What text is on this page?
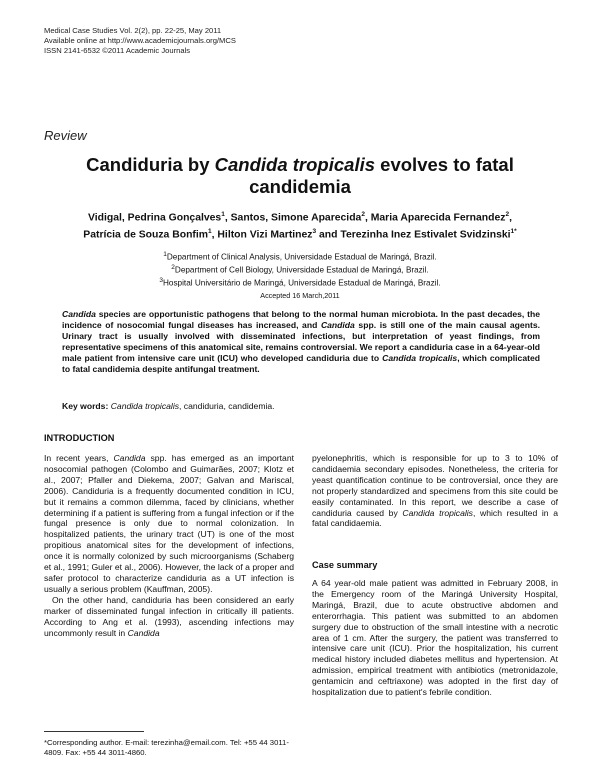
Medical Case Studies Vol. 2(2), pp. 22-25, May 2011
Available online at http://www.academicjournals.org/MCS
ISSN 2141-6532 ©2011 Academic Journals
Review
Candiduria by Candida tropicalis evolves to fatal candidemia
Vidigal, Pedrina Gonçalves$^1$, Santos, Simone Aparecida$^2$, Maria Aparecida Fernandez$^2$,
Patrícia de Souza Bonfim$^1$, Hilton Vizi Martinez$^3$ and Terezinha Inez Estivalet Svidzinski$^{1*}$
$^1$Department of Clinical Analysis, Universidade Estadual de Maringá, Brazil.
$^2$Department of Cell Biology, Universidade Estadual de Maringá, Brazil.
$^3$Hospital Universitário de Maringá, Universidade Estadual de Maringá, Brazil.
Accepted 16 March,2011
Candida species are opportunistic pathogens that belong to the normal human microbiota. In the past decades, the incidence of nosocomial fungal diseases has increased, and Candida spp. is still one of the main causal agents. Urinary tract is usually involved with disseminated infections, but interpretation of yeast findings, from representative specimens of this anatomical site, remains controversial. We report a candiduria case in a 64-year-old male patient from intensive care unit (ICU) who developed candiduria due to Candida tropicalis, which complicated to fatal candidemia despite antifungal treatment.
Key words: Candida tropicalis, candiduria, candidemia.
INTRODUCTION

In recent years, Candida spp. has emerged as an important nosocomial pathogen (Colombo and Guimarães, 2007; Klotz et al., 2007; Pfaller and Diekema, 2007; Galvan and Mariscal, 2006). Candiduria is a frequently documented condition in ICU, but it remains a common dilemma, faced by clinicians, whether determining if a patient is suffering from a fungal infection or if the fungal presence is only due to normal colonization. In hospitalized patients, the urinary tract (UT) is one of the most propitious anatomical sites for the development of infections, once it is normally colonized by such microorganisms (Schaberg et al., 1991; Guler et al., 2006). However, the lack of a proper and safer protocol to characterize candiduria as a UT infection is usually a serious problem (Kauffman, 2005).

On the other hand, candiduria has been considered an early marker of disseminated fungal infection in critically ill patients. According to Ang et al. (1993), ascending infections may uncommonly result in Candida

pyelonephritis, which is responsible for up to 3 to 10% of candidaemia secondary episodes. Nonetheless, the criteria for yeast quantification continue to be controversial, once they are not properly standardized and specimens from this site could be easily contaminated. In this report, we describe a case of candiduria caused by Candida tropicalis, which resulted in a fatal candidaemia.

Case summary
A 64 year-old male patient was admitted in February 2008, in the Emergency room of the Maringá University Hospital, Maringá, Brazil, due to acute obstructive abdomen and enterorrhagia. This patient was submitted to an abdomen surgery due to obstruction of the small intestine with a necrotic area of 1 cm. After the surgery, the patient was transferred to intensive care unit (ICU). Prior the hospitalization, his current medical history included diabetes mellitus and hypertension. At admission, empirical treatment with antibiotics (metronidazole, gentamicin and ceftriaxone) was adopted in the first day of hospitalization due to patient's febrile condition.
*Corresponding author. E-mail: terezinha@email.com. Tel: +55 44 3011-4809. Fax: +55 44 3011-4860.
